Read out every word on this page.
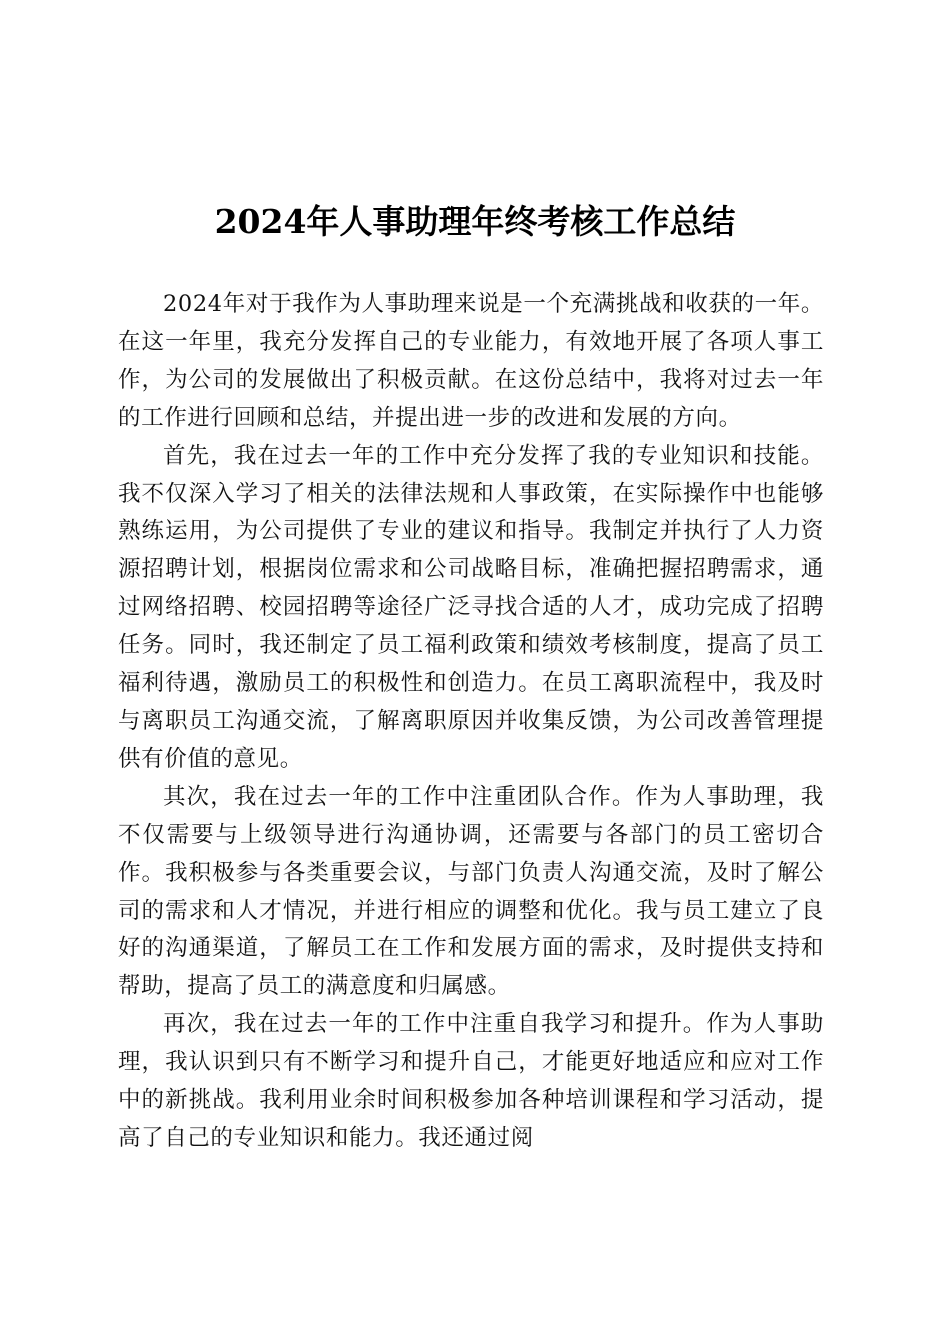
2024年人事助理年终考核工作总结

2024年对于我作为人事助理来说是一个充满挑战和收获的一年。在这一年里，我充分发挥自己的专业能力，有效地开展了各项人事工作，为公司的发展做出了积极贡献。在这份总结中，我将对过去一年的工作进行回顾和总结，并提出进一步的改进和发展的方向。

首先，我在过去一年的工作中充分发挥了我的专业知识和技能。我不仅深入学习了相关的法律法规和人事政策，在实际操作中也能够熟练运用，为公司提供了专业的建议和指导。我制定并执行了人力资源招聘计划，根据岗位需求和公司战略目标，准确把握招聘需求，通过网络招聘、校园招聘等途径广泛寻找合适的人才，成功完成了招聘任务。同时，我还制定了员工福利政策和绩效考核制度，提高了员工福利待遇，激励员工的积极性和创造力。在员工离职流程中，我及时与离职员工沟通交流，了解离职原因并收集反馈，为公司改善管理提供有价值的意见。

其次，我在过去一年的工作中注重团队合作。作为人事助理，我不仅需要与上级领导进行沟通协调，还需要与各部门的员工密切合作。我积极参与各类重要会议，与部门负责人沟通交流，及时了解公司的需求和人才情况，并进行相应的调整和优化。我与员工建立了良好的沟通渠道，了解员工在工作和发展方面的需求，及时提供支持和帮助，提高了员工的满意度和归属感。

再次，我在过去一年的工作中注重自我学习和提升。作为人事助理，我认识到只有不断学习和提升自己，才能更好地适应和应对工作中的新挑战。我利用业余时间积极参加各种培训课程和学习活动，提高了自己的专业知识和能力。我还通过阅
